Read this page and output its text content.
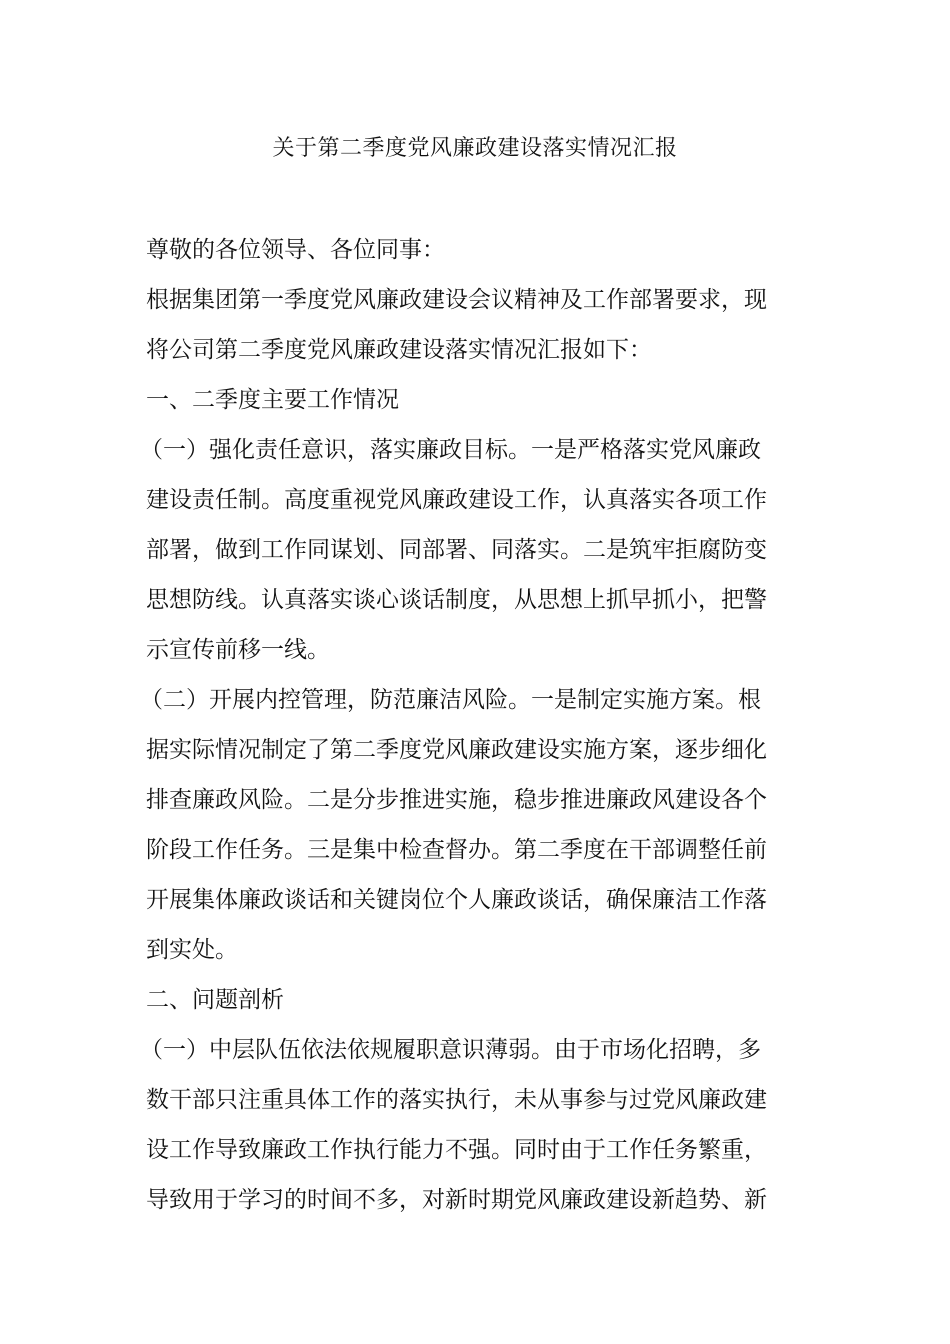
关于第二季度党风廉政建设落实情况汇报
尊敬的各位领导、各位同事：
根据集团第一季度党风廉政建设会议精神及工作部署要求，现
将公司第二季度党风廉政建设落实情况汇报如下：
一、二季度主要工作情况
（一）强化责任意识，落实廉政目标。一是严格落实党风廉政
建设责任制。高度重视党风廉政建设工作，认真落实各项工作
部署，做到工作同谋划、同部署、同落实。二是筑牢拒腐防变
思想防线。认真落实谈心谈话制度，从思想上抓早抓小，把警
示宣传前移一线。
（二）开展内控管理，防范廉洁风险。一是制定实施方案。根
据实际情况制定了第二季度党风廉政建设实施方案，逐步细化
排查廉政风险。二是分步推进实施，稳步推进廉政风建设各个
阶段工作任务。三是集中检查督办。第二季度在干部调整任前
开展集体廉政谈话和关键岗位个人廉政谈话，确保廉洁工作落
到实处。
二、问题剖析
（一）中层队伍依法依规履职意识薄弱。由于市场化招聘，多
数干部只注重具体工作的落实执行，未从事参与过党风廉政建
设工作导致廉政工作执行能力不强。同时由于工作任务繁重，
导致用于学习的时间不多，对新时期党风廉政建设新趋势、新
